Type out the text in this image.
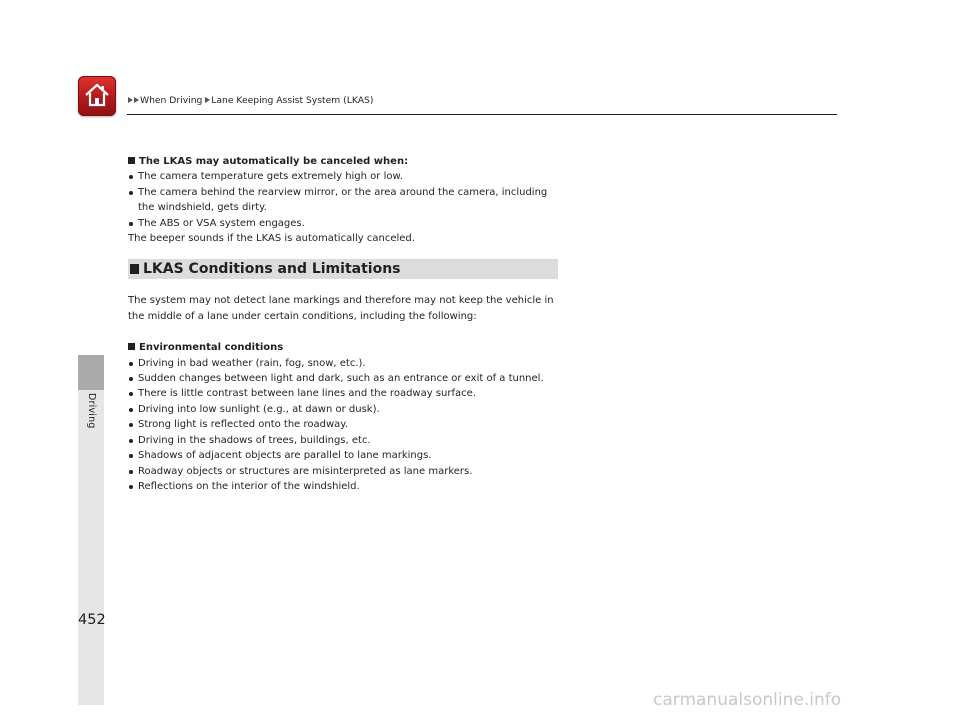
When Driving Lane Keeping Assist System (LKAS)
Driving
452
The LKAS may automatically be canceled when:
The camera temperature gets extremely high or low.
The camera behind the rearview mirror, or the area around the camera, including
the windshield, gets dirty.
The ABS or VSA system engages.
The beeper sounds if the LKAS is automatically canceled.
LKAS Conditions and Limitations
The system may not detect lane markings and therefore may not keep the vehicle in
the middle of a lane under certain conditions, including the following:
Environmental conditions
Driving in bad weather (rain, fog, snow, etc.).
Sudden changes between light and dark, such as an entrance or exit of a tunnel.
There is little contrast between lane lines and the roadway surface.
Driving into low sunlight (e.g., at dawn or dusk).
Strong light is reflected onto the roadway.
Driving in the shadows of trees, buildings, etc.
Shadows of adjacent objects are parallel to lane markings.
Roadway objects or structures are misinterpreted as lane markers.
Reflections on the interior of the windshield.
carmanualsonline.info
